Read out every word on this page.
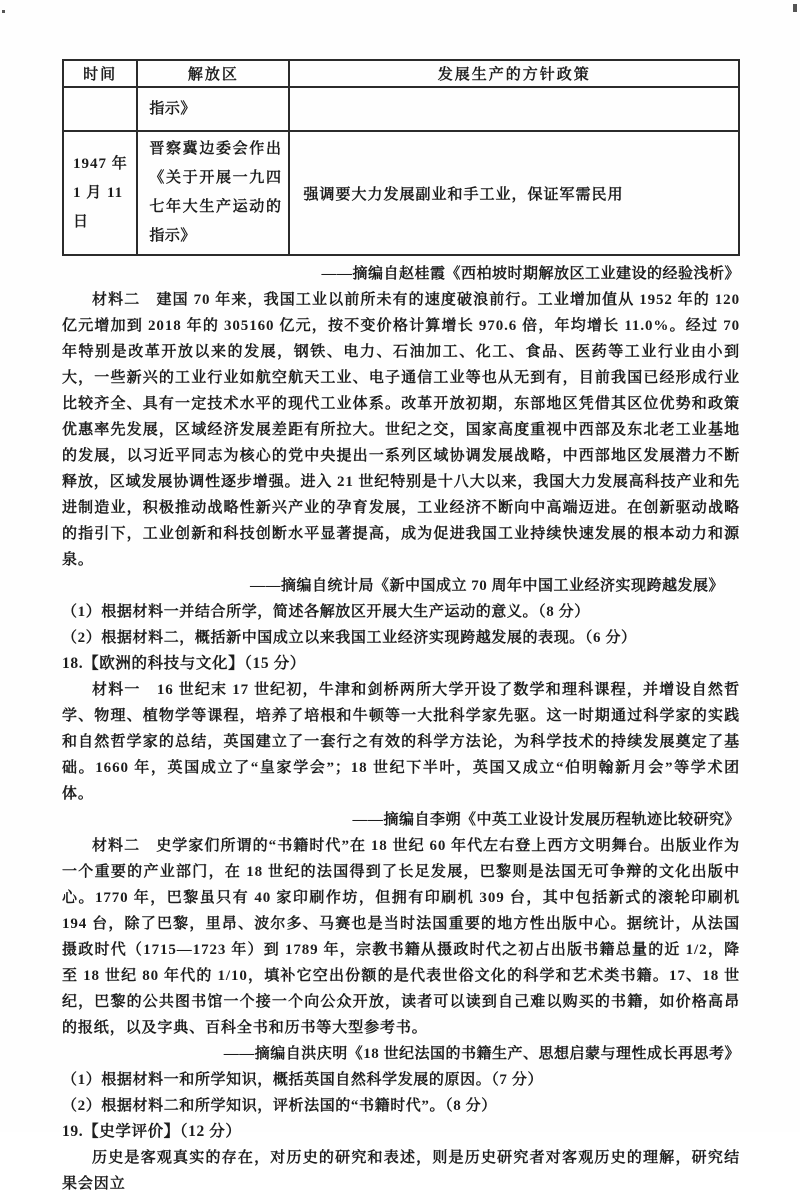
时间	解放区	发展生产的方针政策
	指示》	
1947 年 1 月 11 日	晋察冀边委会作出《关于开展一九四七年大生产运动的指示》	强调要大力发展副业和手工业，保证军需民用

——摘编自赵桂霞《西柏坡时期解放区工业建设的经验浅析》

材料二　建国 70 年来，我国工业以前所未有的速度破浪前行。工业增加值从 1952 年的 120 亿元增加到 2018 年的 305160 亿元，按不变价格计算增长 970.6 倍，年均增长 11.0%。经过 70 年特别是改革开放以来的发展，钢铁、电力、石油加工、化工、食品、医药等工业行业由小到大，一些新兴的工业行业如航空航天工业、电子通信工业等也从无到有，目前我国已经形成行业比较齐全、具有一定技术水平的现代工业体系。改革开放初期，东部地区凭借其区位优势和政策优惠率先发展，区域经济发展差距有所拉大。世纪之交，国家高度重视中西部及东北老工业基地的发展，以习近平同志为核心的党中央提出一系列区域协调发展战略，中西部地区发展潜力不断释放，区域发展协调性逐步增强。进入 21 世纪特别是十八大以来，我国大力发展高科技产业和先进制造业，积极推动战略性新兴产业的孕育发展，工业经济不断向中高端迈进。在创新驱动战略的指引下，工业创新和科技创断水平显著提高，成为促进我国工业持续快速发展的根本动力和源泉。

——摘编自统计局《新中国成立 70 周年中国工业经济实现跨越发展》

（1）根据材料一并结合所学，简述各解放区开展大生产运动的意义。（8 分）

（2）根据材料二，概括新中国成立以来我国工业经济实现跨越发展的表现。（6 分）

18.【欧洲的科技与文化】（15 分）

材料一　16 世纪末 17 世纪初，牛津和剑桥两所大学开设了数学和理科课程，并增设自然哲学、物理、植物学等课程，培养了培根和牛顿等一大批科学家先驱。这一时期通过科学家的实践和自然哲学家的总结，英国建立了一套行之有效的科学方法论，为科学技术的持续发展奠定了基础。1660 年，英国成立了“皇家学会”；18 世纪下半叶，英国又成立“伯明翰新月会”等学术团体。

——摘编自李朔《中英工业设计发展历程轨迹比较研究》

材料二　史学家们所谓的“书籍时代”在 18 世纪 60 年代左右登上西方文明舞台。出版业作为一个重要的产业部门，在 18 世纪的法国得到了长足发展，巴黎则是法国无可争辩的文化出版中心。1770 年，巴黎虽只有 40 家印刷作坊，但拥有印刷机 309 台，其中包括新式的滚轮印刷机 194 台，除了巴黎，里昂、波尔多、马赛也是当时法国重要的地方性出版中心。据统计，从法国摄政时代（1715—1723 年）到 1789 年，宗教书籍从摄政时代之初占出版书籍总量的近 1/2，降至 18 世纪 80 年代的 1/10，填补它空出份额的是代表世俗文化的科学和艺术类书籍。17、18 世纪，巴黎的公共图书馆一个接一个向公众开放，读者可以读到自己难以购买的书籍，如价格高昂的报纸，以及字典、百科全书和历书等大型参考书。

——摘编自洪庆明《18 世纪法国的书籍生产、思想启蒙与理性成长再思考》

（1）根据材料一和所学知识，概括英国自然科学发展的原因。（7 分）

（2）根据材料二和所学知识，评析法国的“书籍时代”。（8 分）

19.【史学评价】（12 分）

历史是客观真实的存在，对历史的研究和表述，则是历史研究者对客观历史的理解，研究结果会因立
